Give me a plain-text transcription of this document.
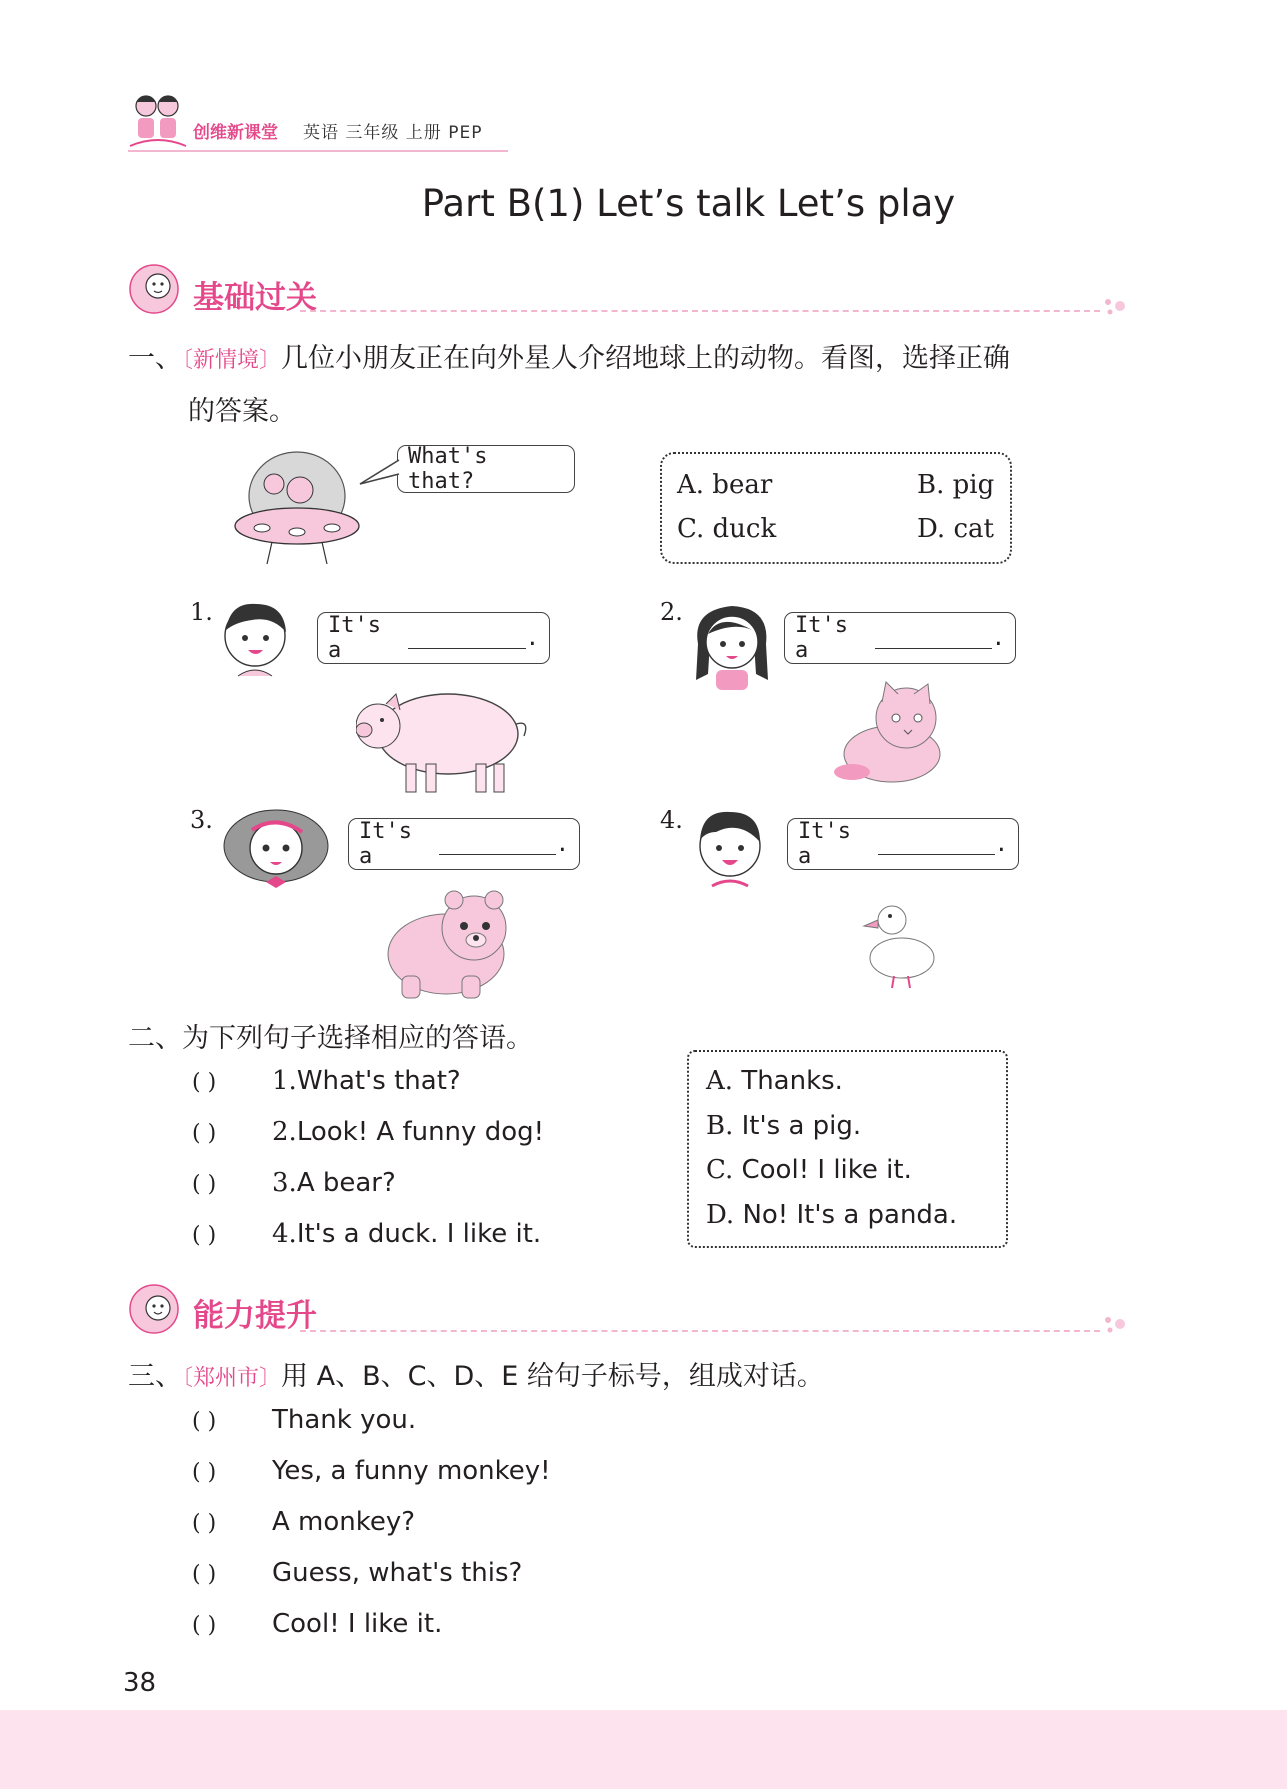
创维新课堂 英语 三年级 上册 PEP
Part B(1) Let’s talk Let’s play
基础过关
一、〔新情境〕几位小朋友正在向外星人介绍地球上的动物。看图，选择正确
的答案。
What's that?	A. bear	B. pig
C. duck	D. cat
1.	It's a	.
2.	It's a	.
3.	It's a	.
4.	It's a	.
二、为下列句子选择相应的答语。
( ) 1.What's that?
( ) 2.Look! A funny dog!
( ) 3.A bear?
( ) 4.It's a duck. I like it.
A. Thanks.
B. It's a pig.
C. Cool! I like it.
D. No! It's a panda.
能力提升
三、〔郑州市〕用 A、B、C、D、E 给句子标号，组成对话。
( ) Thank you.
( ) Yes, a funny monkey!
( ) A monkey?
( ) Guess, what's this?
( ) Cool! I like it.
38
